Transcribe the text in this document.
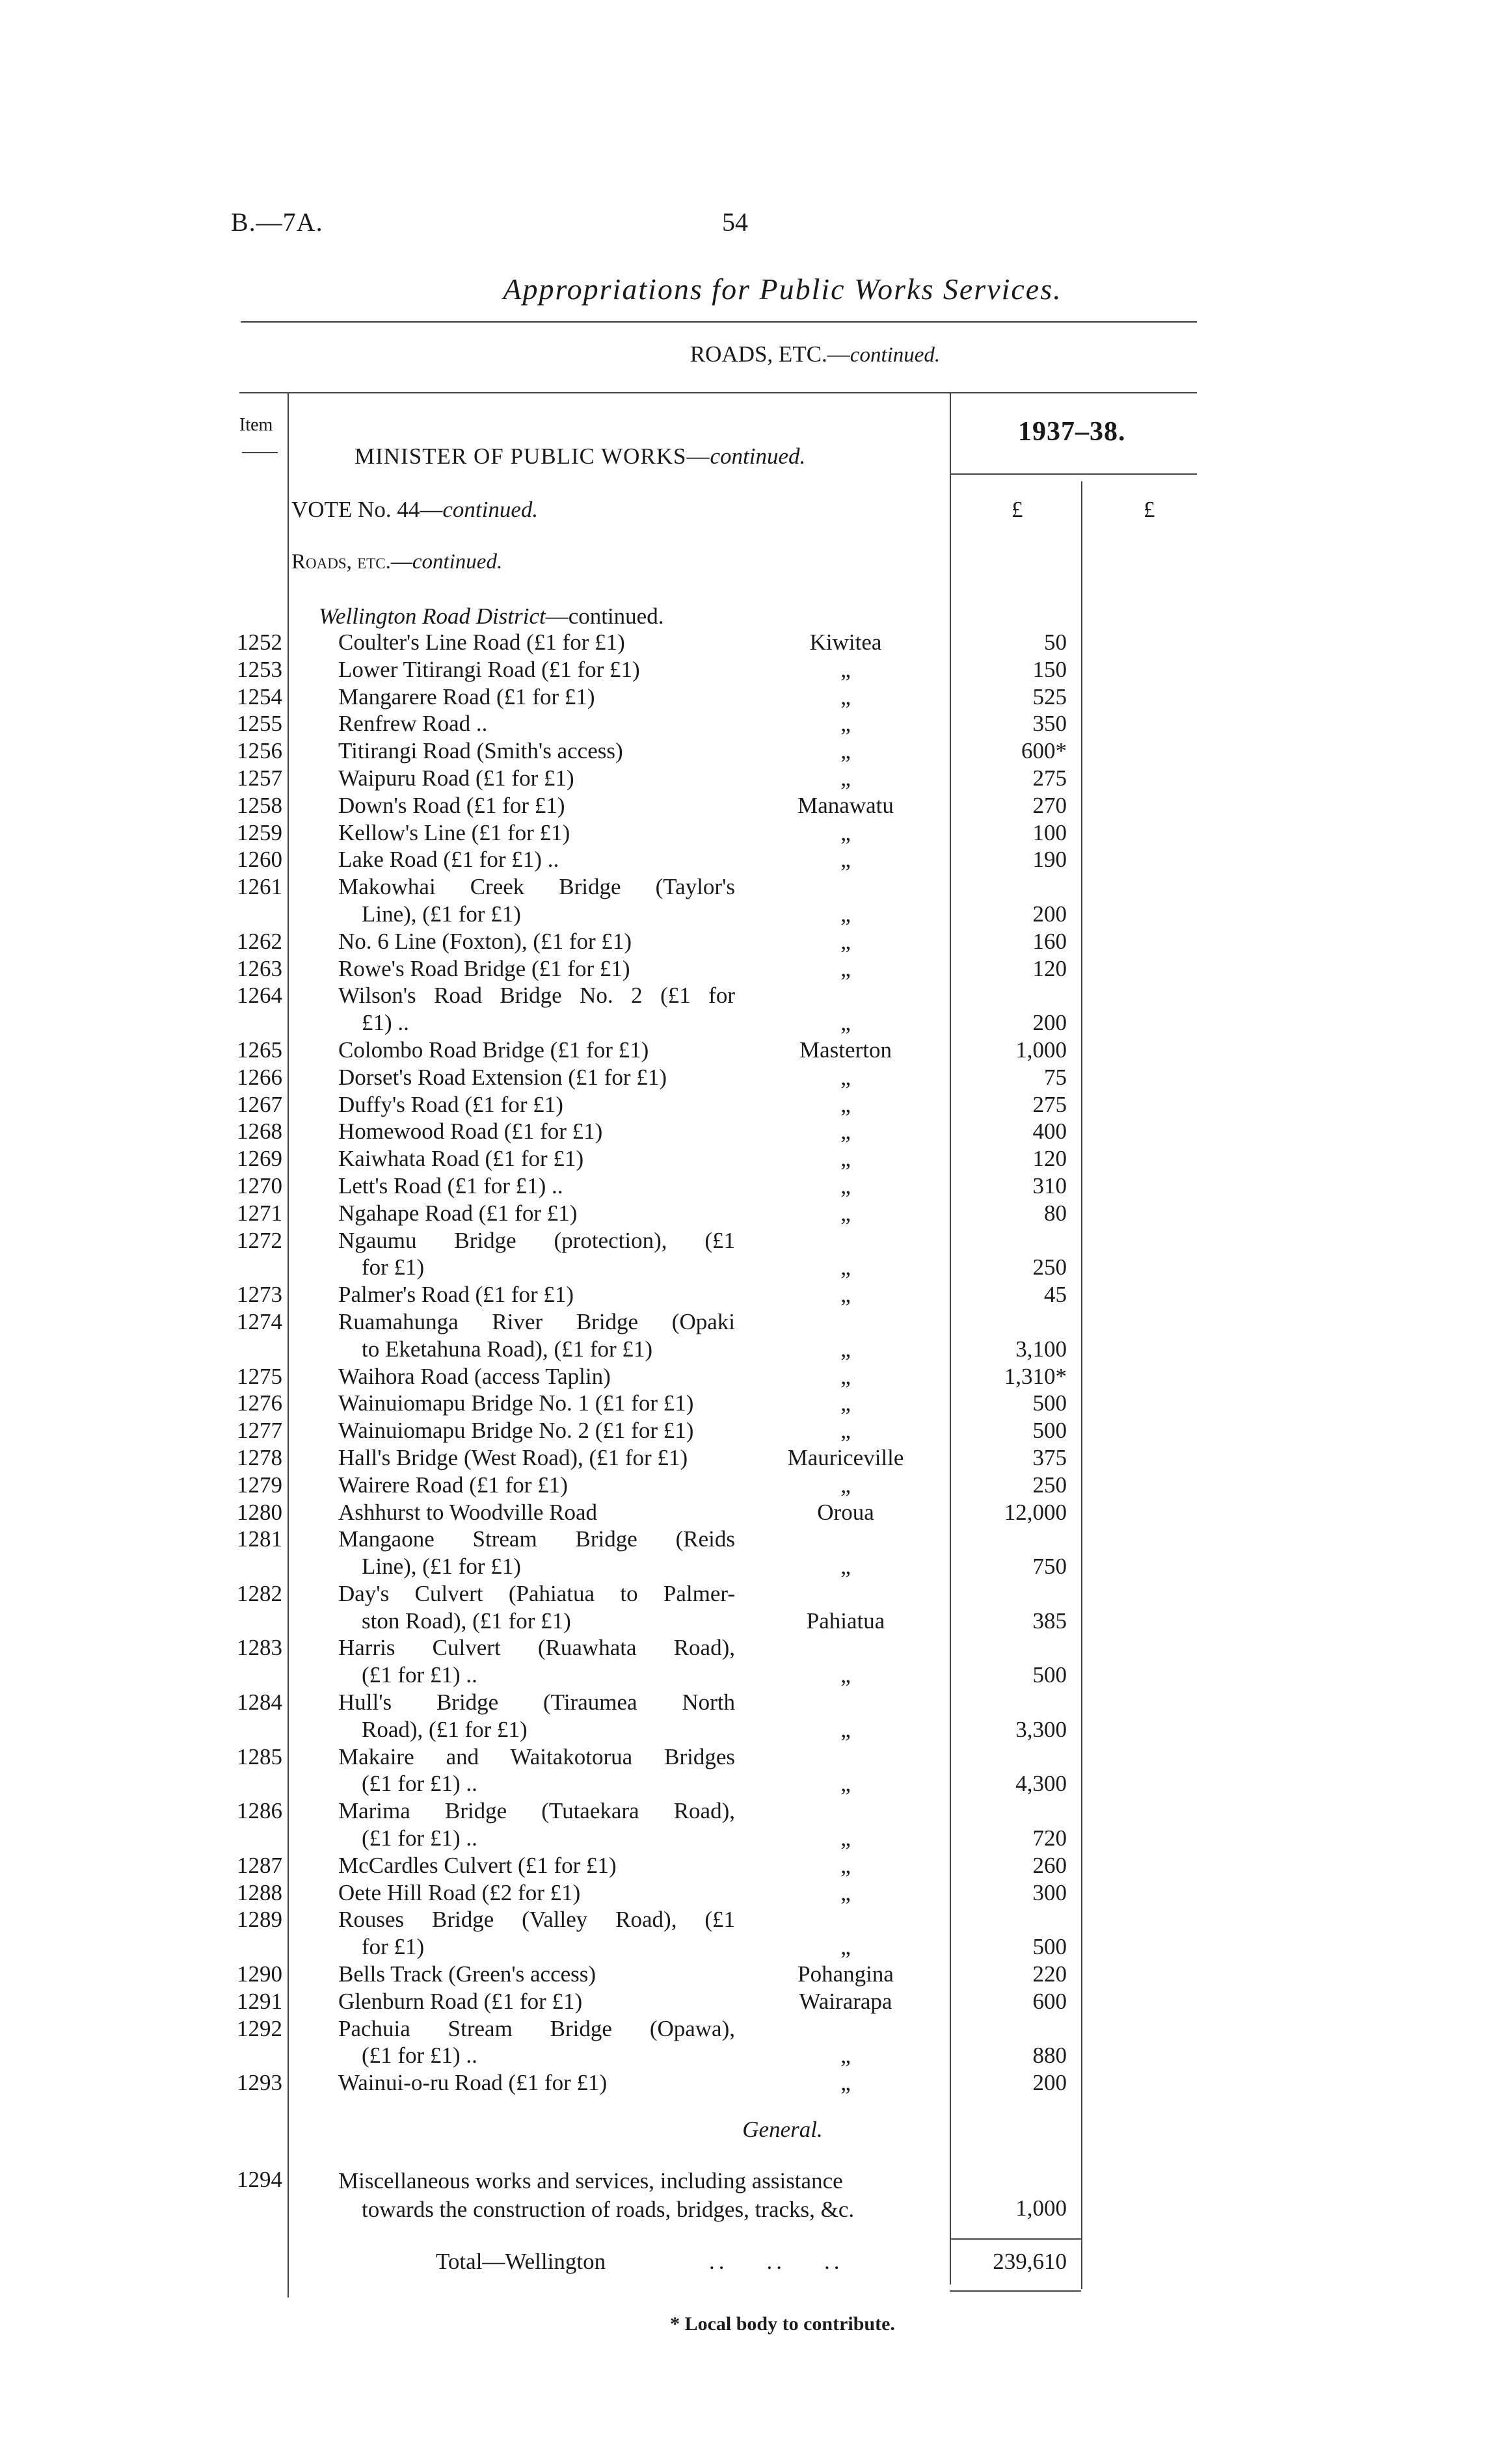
B.—7A.	54
Appropriations for Public Works Services.
ROADS, ETC.—continued.
Item
MINISTER OF PUBLIC WORKS—continued.
1937–38.
VOTE No. 44—continued.	£	£
Roads, etc.—continued.
Wellington Road District—continued.
1252 Coulter's Line Road (£1 for £1)	Kiwitea	50
1253 Lower Titirangi Road (£1 for £1)	„	150
1254 Mangarere Road (£1 for £1)	„	525
1255 Renfrew Road ..	„	350
1256 Titirangi Road (Smith's access)	„	600*
1257 Waipuru Road (£1 for £1)	„	275
1258 Down's Road (£1 for £1)	Manawatu	270
1259 Kellow's Line (£1 for £1)	„	100
1260 Lake Road (£1 for £1) ..	„	190
1261 Makowhai Creek Bridge (Taylor's
Line), (£1 for £1)	„	200
1262 No. 6 Line (Foxton), (£1 for £1)	„	160
1263 Rowe's Road Bridge (£1 for £1)	„	120
1264 Wilson's Road Bridge No. 2 (£1 for
£1) ..	„	200
1265 Colombo Road Bridge (£1 for £1)	Masterton	1,000
1266 Dorset's Road Extension (£1 for £1)	„	75
1267 Duffy's Road (£1 for £1)	„	275
1268 Homewood Road (£1 for £1)	„	400
1269 Kaiwhata Road (£1 for £1)	„	120
1270 Lett's Road (£1 for £1) ..	„	310
1271 Ngahape Road (£1 for £1)	„	80
1272 Ngaumu Bridge (protection), (£1
for £1)	„	250
1273 Palmer's Road (£1 for £1)	„	45
1274 Ruamahunga River Bridge (Opaki
to Eketahuna Road), (£1 for £1)	„	3,100
1275 Waihora Road (access Taplin)	„	1,310*
1276 Wainuiomapu Bridge No. 1 (£1 for £1)	„	500
1277 Wainuiomapu Bridge No. 2 (£1 for £1)	„	500
1278 Hall's Bridge (West Road), (£1 for £1)	Mauriceville	375
1279 Wairere Road (£1 for £1)	„	250
1280 Ashhurst to Woodville Road	Oroua	12,000
1281 Mangaone Stream Bridge (Reids
Line), (£1 for £1)	„	750
1282 Day's Culvert (Pahiatua to Palmer-
ston Road), (£1 for £1)	Pahiatua	385
1283 Harris Culvert (Ruawhata Road),
(£1 for £1) ..	„	500
1284 Hull's Bridge (Tiraumea North
Road), (£1 for £1)	„	3,300
1285 Makaire and Waitakotorua Bridges
(£1 for £1) ..	„	4,300
1286 Marima Bridge (Tutaekara Road),
(£1 for £1) ..	„	720
1287 McCardles Culvert (£1 for £1)	„	260
1288 Oete Hill Road (£2 for £1)	„	300
1289 Rouses Bridge (Valley Road), (£1
for £1)	„	500
1290 Bells Track (Green's access)	Pohangina	220
1291 Glenburn Road (£1 for £1)	Wairarapa	600
1292 Pachuia Stream Bridge (Opawa),
(£1 for £1) ..	„	880
1293 Wainui-o-ru Road (£1 for £1)	„	200
General.
1294 Miscellaneous works and services, including assistance
towards the construction of roads, bridges, tracks, &c.	1,000
Total—Wellington	..    ..    ..	239,610
* Local body to contribute.
